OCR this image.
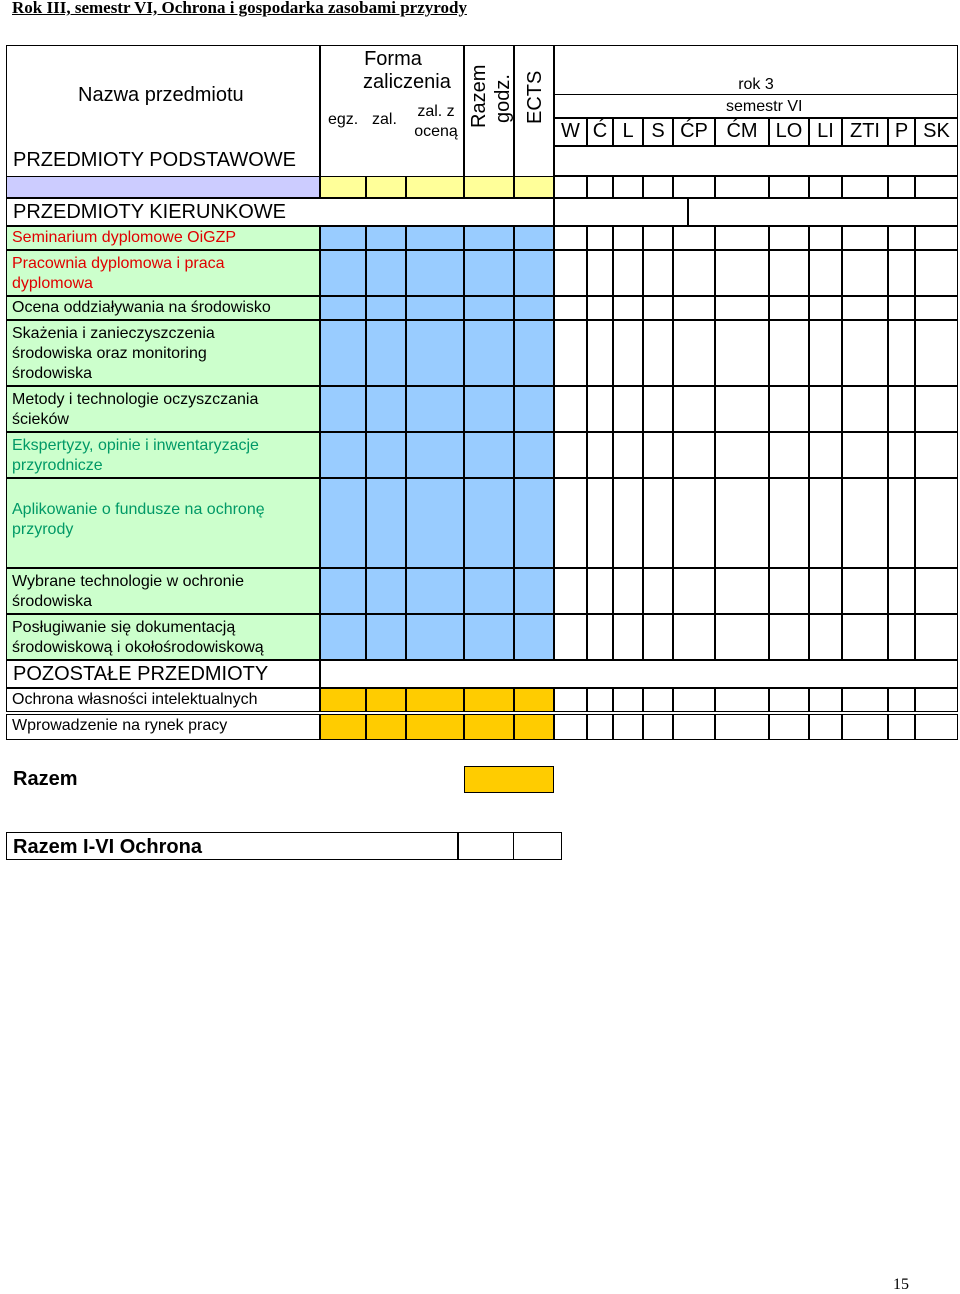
Rok III, semestr VI, Ochrona i gospodarka zasobami przyrody
Nazwa przedmiotu
PRZEDMIOTY PODSTAWOWE
Forma
zaliczenia
egz. zal.	zal. z
oceną
Razem godz. ECTS	rok 3
semestr VI
W Ć L S ĆP ĆM LO LI ZTI P SK
PRZEDMIOTY KIERUNKOWE
Seminarium dyplomowe OiGZP
Pracownia dyplomowa i praca
dyplomowa
Ocena oddziaływania na środowisko
Skażenia i zanieczyszczenia
środowiska oraz monitoring
środowiska
Metody i technologie oczyszczania
ścieków
Ekspertyzy, opinie i inwentaryzacje
przyrodnicze
Aplikowanie o fundusze na ochronę
przyrody
Wybrane technologie w ochronie
środowiska
Posługiwanie się dokumentacją
środowiskową i okołośrodowiskową
Ochrona własności intelektualnych
Wprowadzenie na rynek pracy
POZOSTAŁE PRZEDMIOTY
Razem
Razem I-VI Ochrona
15
